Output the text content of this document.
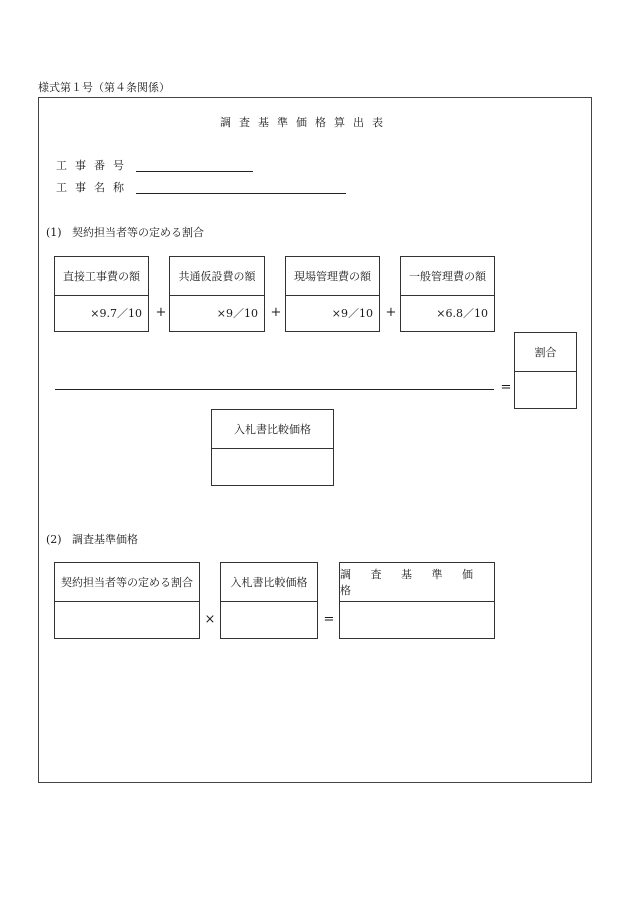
様式第１号（第４条関係）
調査基準価格算出表
工事番号
工事名称
(1) 契約担当者等の定める割合
直接工事費の額
×9.7／10 +
共通仮設費の額
×9／10 +
現場管理費の額
×9／10 +
一般管理費の額
×6.8／10
=
割合
入札書比較価格
(2) 調査基準価格
契約担当者等の定める割合
×
入札書比較価格
=
調 査 基 準 価 格
